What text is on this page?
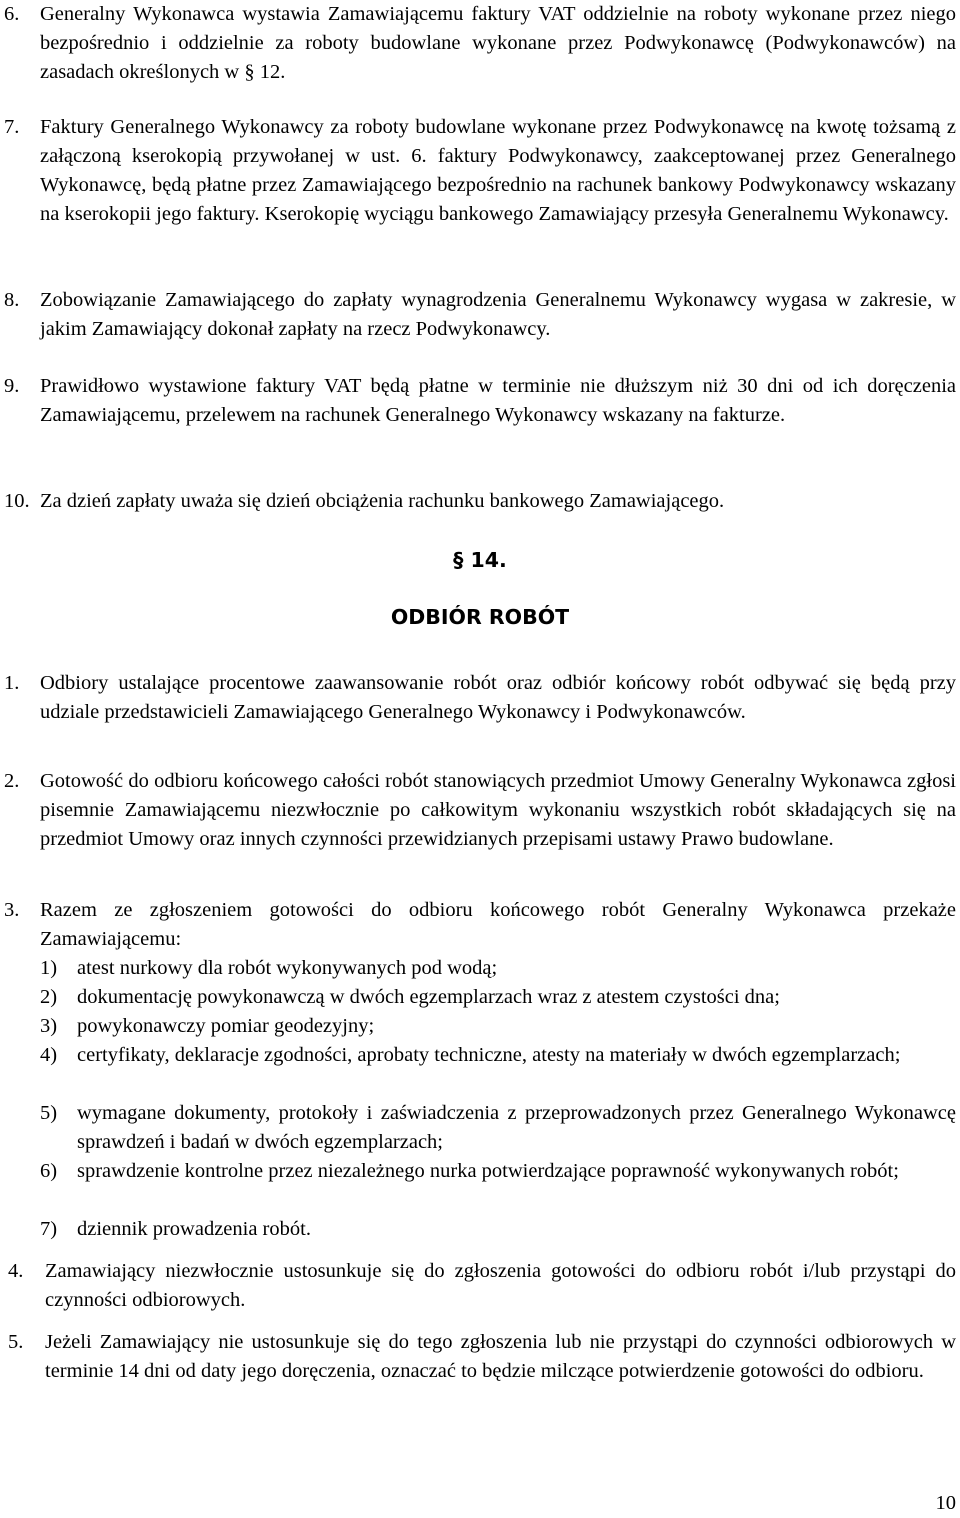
6. Generalny Wykonawca wystawia Zamawiającemu faktury VAT oddzielnie na roboty wykonane przez niego bezpośrednio i oddzielnie za roboty budowlane wykonane przez Podwykonawcę (Podwykonawców) na zasadach określonych w § 12.
7. Faktury Generalnego Wykonawcy za roboty budowlane wykonane przez Podwykonawcę na kwotę tożsamą z załączoną kserokopią przywołanej w ust. 6. faktury Podwykonawcy, zaakceptowanej przez Generalnego Wykonawcę, będą płatne przez Zamawiającego bezpośrednio na rachunek bankowy Podwykonawcy wskazany na kserokopii jego faktury. Kserokopię wyciągu bankowego Zamawiający przesyła Generalnemu Wykonawcy.
8. Zobowiązanie Zamawiającego do zapłaty wynagrodzenia Generalnemu Wykonawcy wygasa w zakresie, w jakim Zamawiający dokonał zapłaty na rzecz Podwykonawcy.
9. Prawidłowo wystawione faktury VAT będą płatne w terminie nie dłuższym niż 30 dni od ich doręczenia Zamawiającemu, przelewem na rachunek Generalnego Wykonawcy wskazany na fakturze.
10. Za dzień zapłaty uważa się dzień obciążenia rachunku bankowego Zamawiającego.
§ 14.
ODBIÓR ROBÓT
1. Odbiory ustalające procentowe zaawansowanie robót oraz odbiór końcowy robót odbywać się będą przy udziale przedstawicieli Zamawiającego Generalnego Wykonawcy i Podwykonawców.
2. Gotowość do odbioru końcowego całości robót stanowiących przedmiot Umowy Generalny Wykonawca zgłosi pisemnie Zamawiającemu niezwłocznie po całkowitym wykonaniu wszystkich robót składających się na przedmiot Umowy oraz innych czynności przewidzianych przepisami ustawy Prawo budowlane.
3. Razem ze zgłoszeniem gotowości do odbioru końcowego robót Generalny Wykonawca przekaże Zamawiającemu:
1) atest nurkowy dla robót wykonywanych pod wodą;
2) dokumentację powykonawczą w dwóch egzemplarzach wraz z atestem czystości dna;
3) powykonawczy pomiar geodezyjny;
4) certyfikaty, deklaracje zgodności, aprobaty techniczne, atesty na materiały w dwóch egzemplarzach;
5) wymagane dokumenty, protokoły i zaświadczenia z przeprowadzonych przez Generalnego Wykonawcę sprawdzeń i badań w dwóch egzemplarzach;
6) sprawdzenie kontrolne przez niezależnego nurka potwierdzające poprawność wykonywanych robót;
7) dziennik prowadzenia robót.
4. Zamawiający niezwłocznie ustosunkuje się do zgłoszenia gotowości do odbioru robót i/lub przystąpi do czynności odbiorowych.
5. Jeżeli Zamawiający nie ustosunkuje się do tego zgłoszenia lub nie przystąpi do czynności odbiorowych w terminie 14 dni od daty jego doręczenia, oznaczać to będzie milczące potwierdzenie gotowości do odbioru.
10
